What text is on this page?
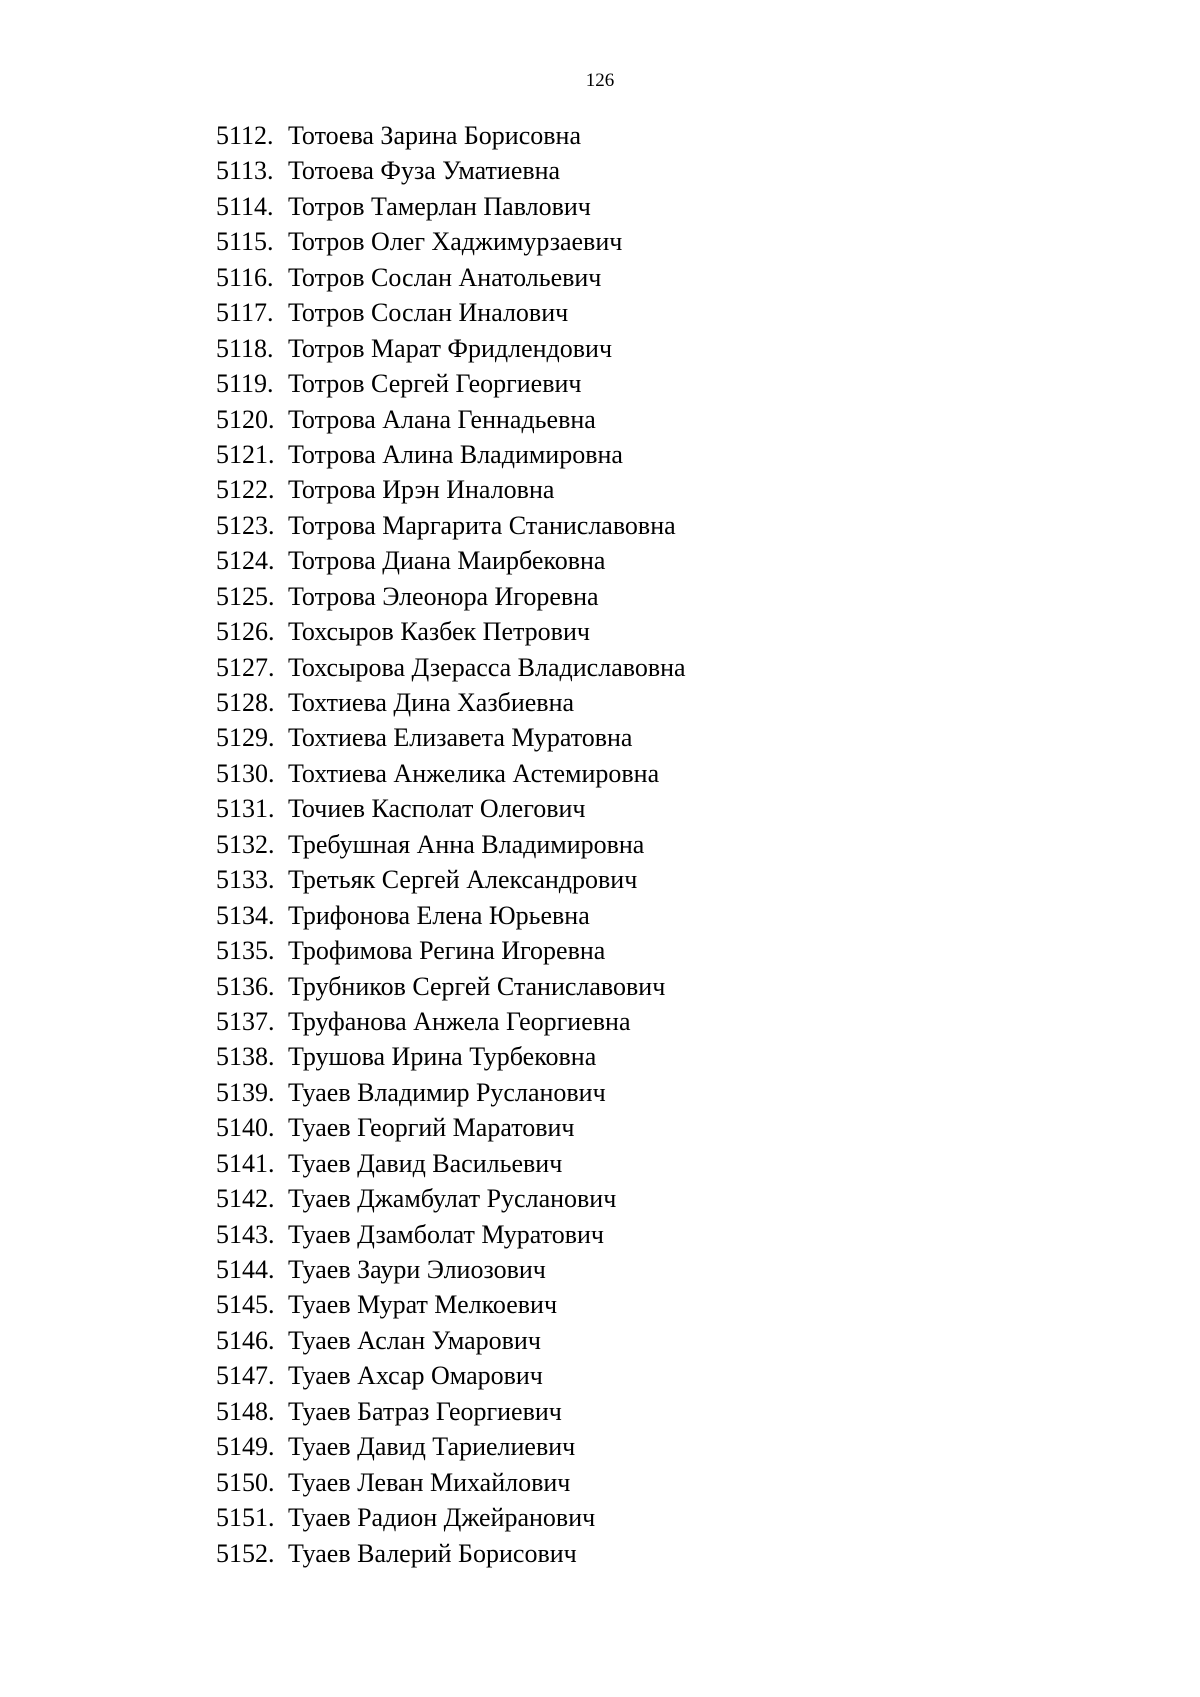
126
5112. Тотоева Зарина Борисовна
5113. Тотоева Фуза Уматиевна
5114. Тотров Тамерлан Павлович
5115. Тотров Олег Хаджимурзаевич
5116. Тотров Сослан Анатольевич
5117. Тотров Сослан Иналович
5118. Тотров Марат Фридлендович
5119. Тотров Сергей Георгиевич
5120. Тотрова Алана Геннадьевна
5121. Тотрова Алина Владимировна
5122. Тотрова Ирэн Иналовна
5123. Тотрова Маргарита Станиславовна
5124. Тотрова Диана Маирбековна
5125. Тотрова Элеонора Игоревна
5126. Тохсыров Казбек Петрович
5127. Тохсырова Дзерасса Владиславовна
5128. Тохтиева Дина Хазбиевна
5129. Тохтиева Елизавета Муратовна
5130. Тохтиева Анжелика Астемировна
5131. Точиев Касполат Олегович
5132. Требушная Анна Владимировна
5133. Третьяк Сергей Александрович
5134. Трифонова Елена Юрьевна
5135. Трофимова Регина Игоревна
5136. Трубников Сергей Станиславович
5137. Труфанова Анжела Георгиевна
5138. Трушова Ирина Турбековна
5139. Туаев Владимир Русланович
5140. Туаев Георгий Маратович
5141. Туаев Давид Васильевич
5142. Туаев Джамбулат Русланович
5143. Туаев Дзамболат Муратович
5144. Туаев Заури Элиозович
5145. Туаев Мурат Мелкоевич
5146. Туаев Аслан Умарович
5147. Туаев Ахсар Омарович
5148. Туаев Батраз Георгиевич
5149. Туаев Давид Тариелиевич
5150. Туаев Леван Михайлович
5151. Туаев Радион Джейранович
5152. Туаев Валерий Борисович
